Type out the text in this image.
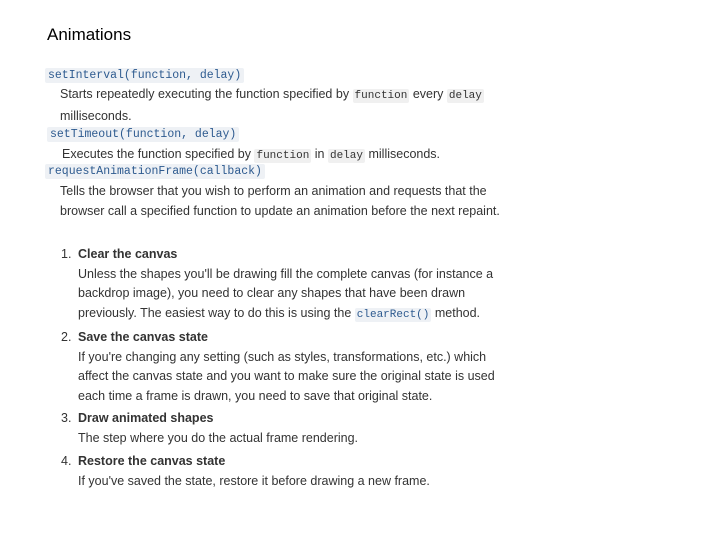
Animations
setInterval(function, delay)
Starts repeatedly executing the function specified by function every delay
milliseconds.
setTimeout(function, delay)
Executes the function specified by function in delay milliseconds.
requestAnimationFrame(callback)
Tells the browser that you wish to perform an animation and requests that the
browser call a specified function to update an animation before the next repaint.
1. Clear the canvas
Unless the shapes you'll be drawing fill the complete canvas (for instance a
backdrop image), you need to clear any shapes that have been drawn
previously. The easiest way to do this is using the clearRect() method.
2. Save the canvas state
If you're changing any setting (such as styles, transformations, etc.) which
affect the canvas state and you want to make sure the original state is used
each time a frame is drawn, you need to save that original state.
3. Draw animated shapes
The step where you do the actual frame rendering.
4. Restore the canvas state
If you've saved the state, restore it before drawing a new frame.
